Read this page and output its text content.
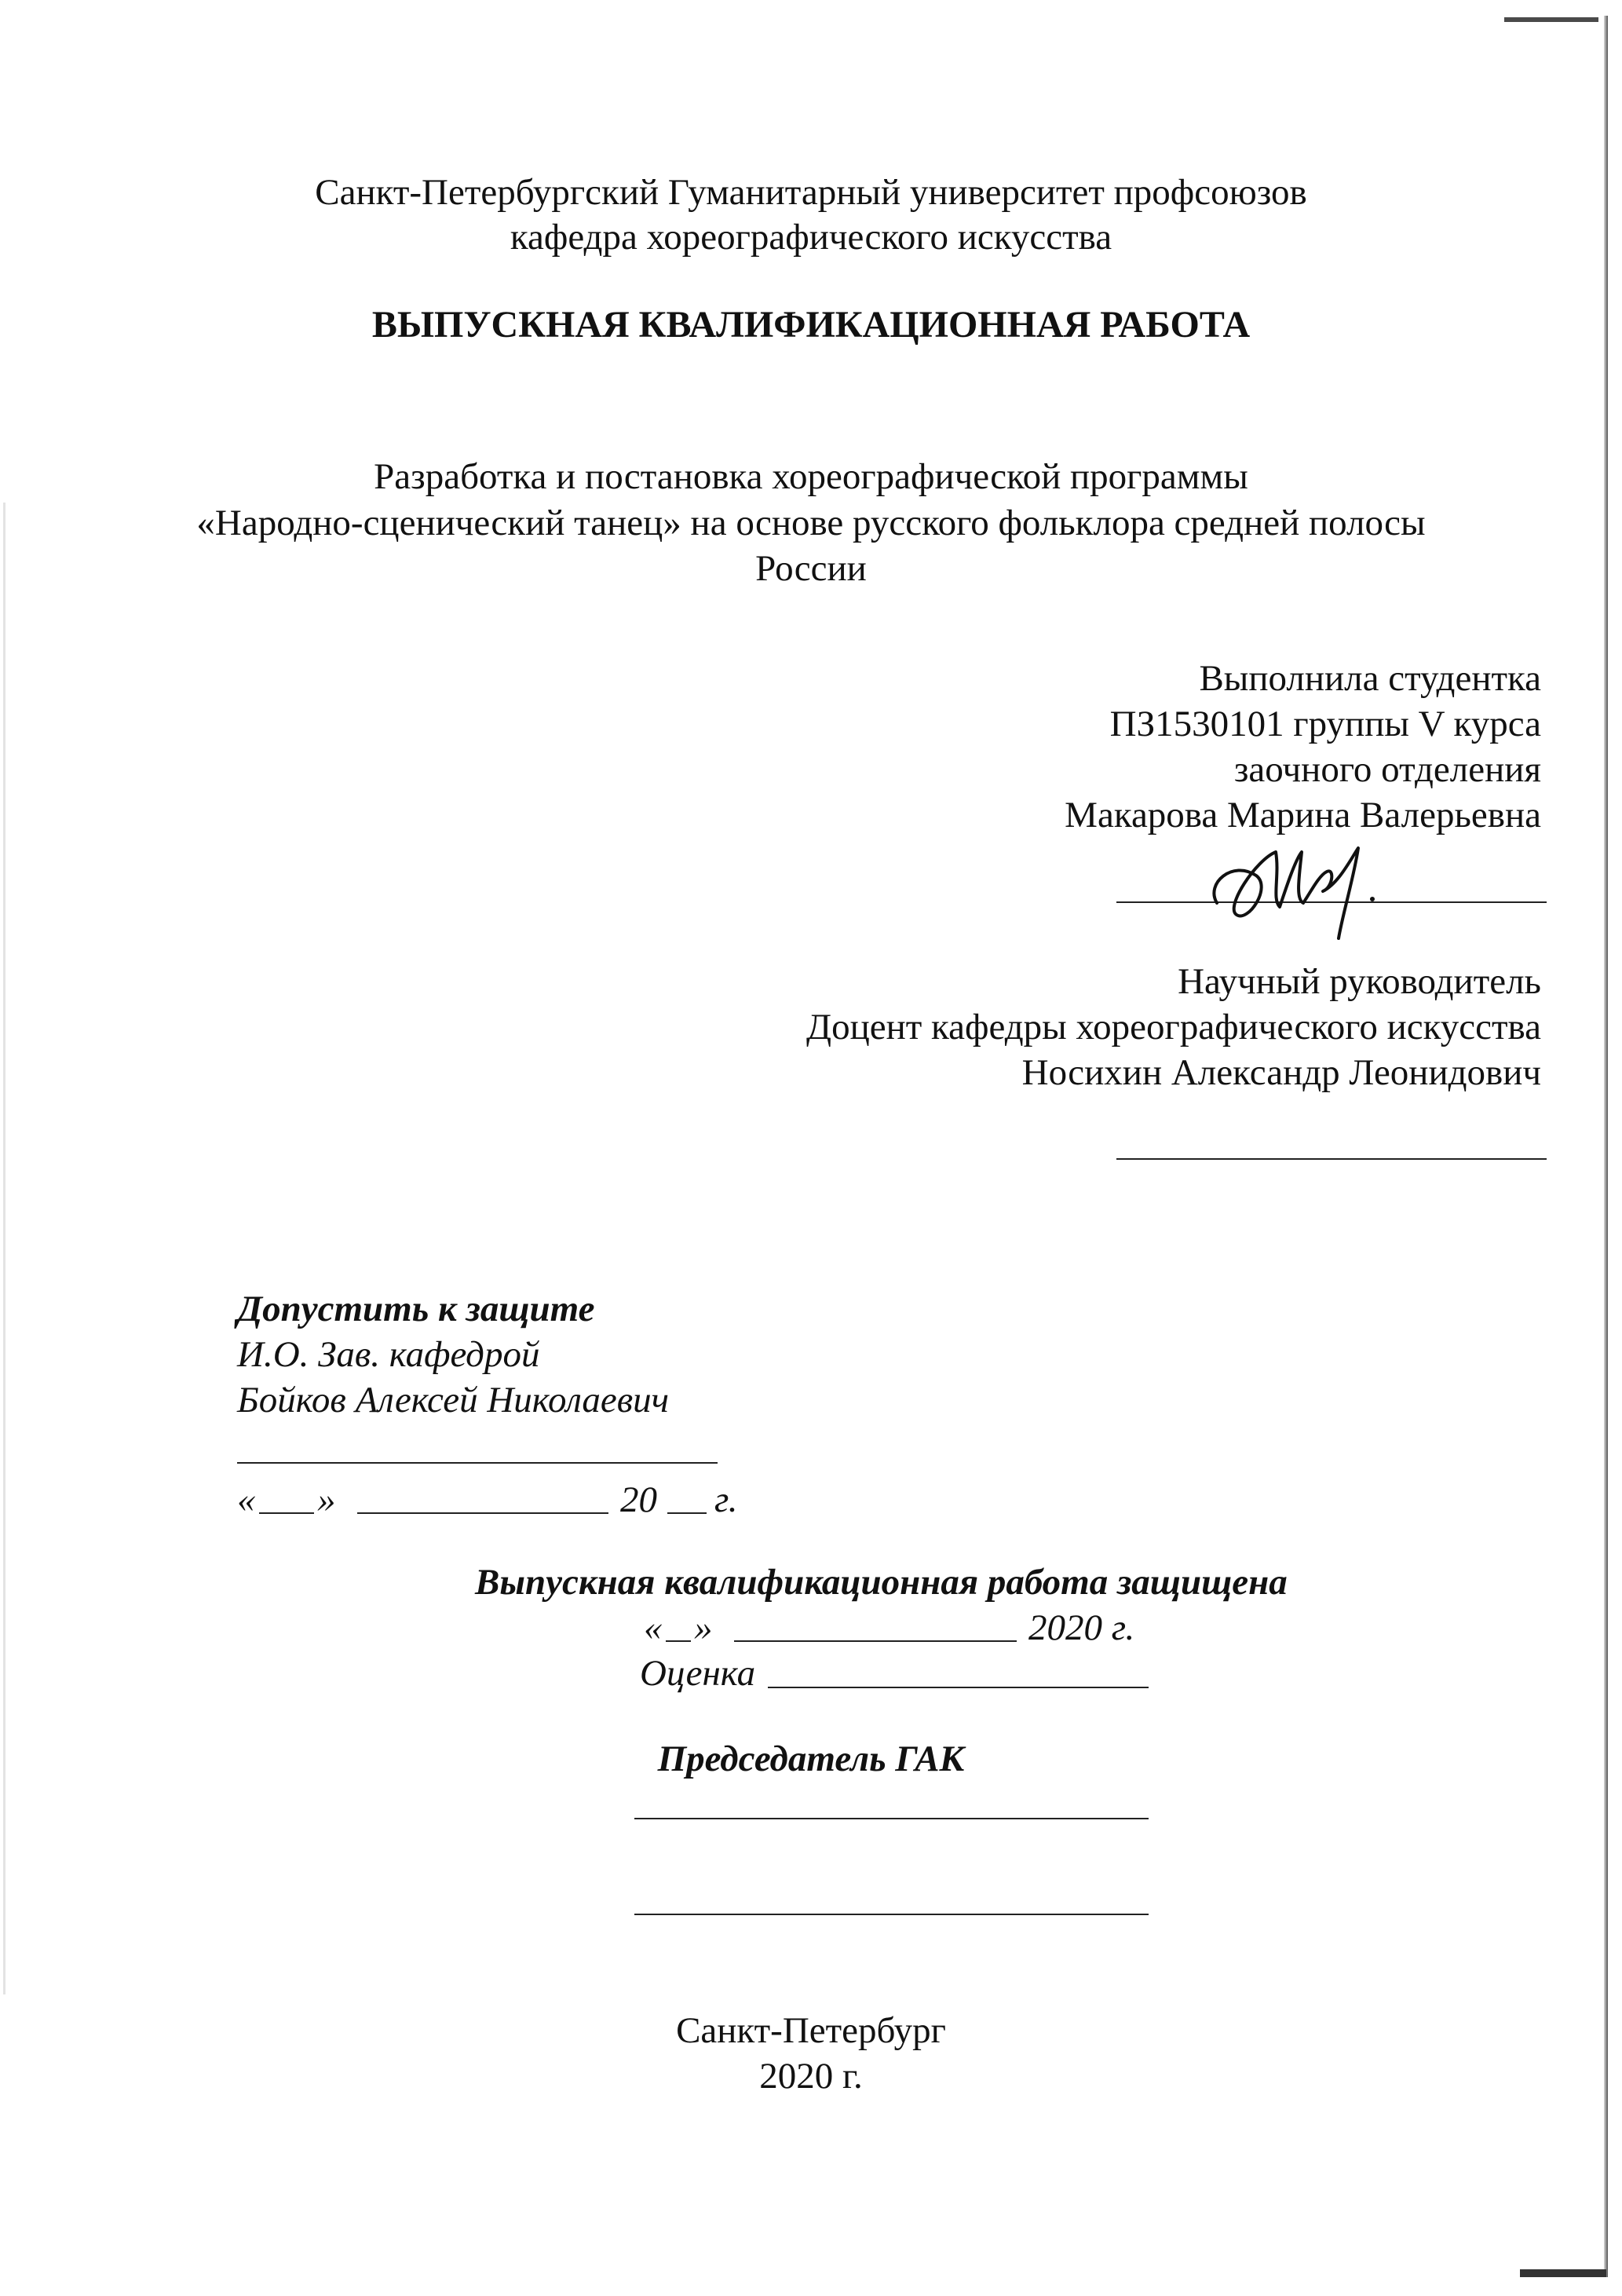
Санкт-Петербургский Гуманитарный университет профсоюзов
кафедра хореографического искусства
ВЫПУСКНАЯ КВАЛИФИКАЦИОННАЯ РАБОТА
Разработка и постановка хореографической программы
«Народно-сценический танец» на основе русского фольклора средней полосы
России
Выполнила студентка
ПЗ1530101 группы V курса
заочного отделения
Макарова Марина Валерьевна
Научный руководитель
Доцент кафедры хореографического искусства
Носихин Александр Леонидович
Допустить к защите
И.О. Зав. кафедрой
Бойков Алексей Николаевич
« »	20 г.
Выпускная квалификационная работа защищена
« »	2020 г.
Оценка
Председатель ГАК
Санкт-Петербург
2020 г.
